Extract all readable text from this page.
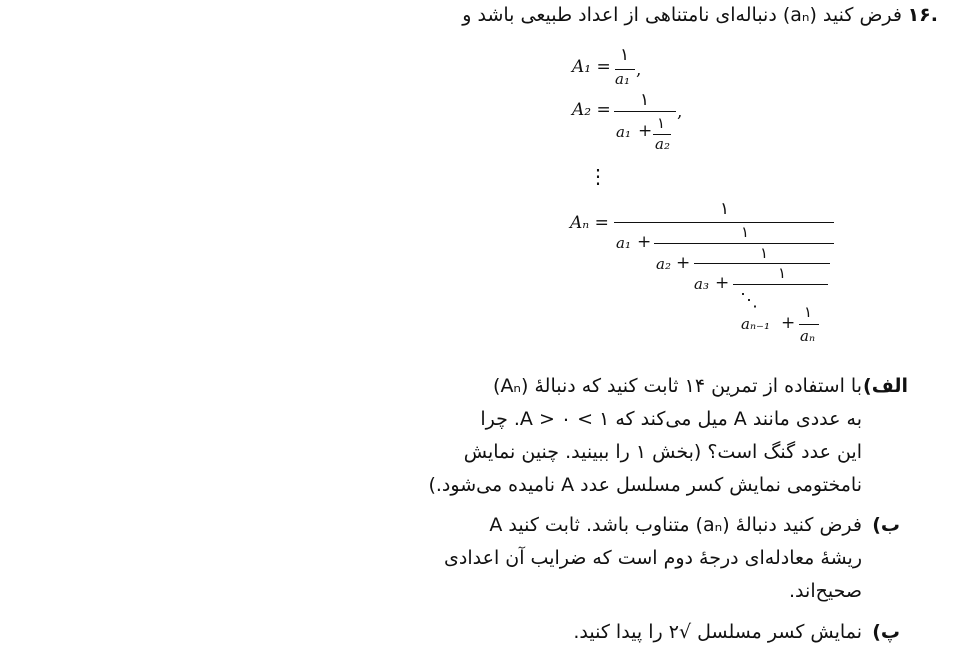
۱۶.
فرض کنید (aₙ) دنباله‌ای نامتناهی از اعداد طبیعی باشد و
A₁ =
۱
a₁ ,
A₂ = ۱
a₁ + ۱
a₂
,
⋮
Aₙ =
۱
a₁ +	۱
a₂ +	۱
a₃ +	۱
⋱
aₙ₋₁ +
۱
aₙ
الف)
با استفاده از تمرین ۱۴ ثابت کنید که دنبالهٔ (Aₙ)
به عددی مانند A میل می‌کند که ۱ > A > ۰. چرا
این عدد گنگ است؟ (بخش ۱ را ببینید. چنین نمایش
نامختومی نمایش کسر مسلسل عدد A نامیده می‌شود.)
ب)
فرض کنید دنبالهٔ (aₙ) متناوب باشد. ثابت کنید A
ریشهٔ معادله‌ای درجهٔ دوم است که ضرایب آن اعدادی
صحیح‌اند.
پ)
نمایش کسر مسلسل √۲ را پیدا کنید.
